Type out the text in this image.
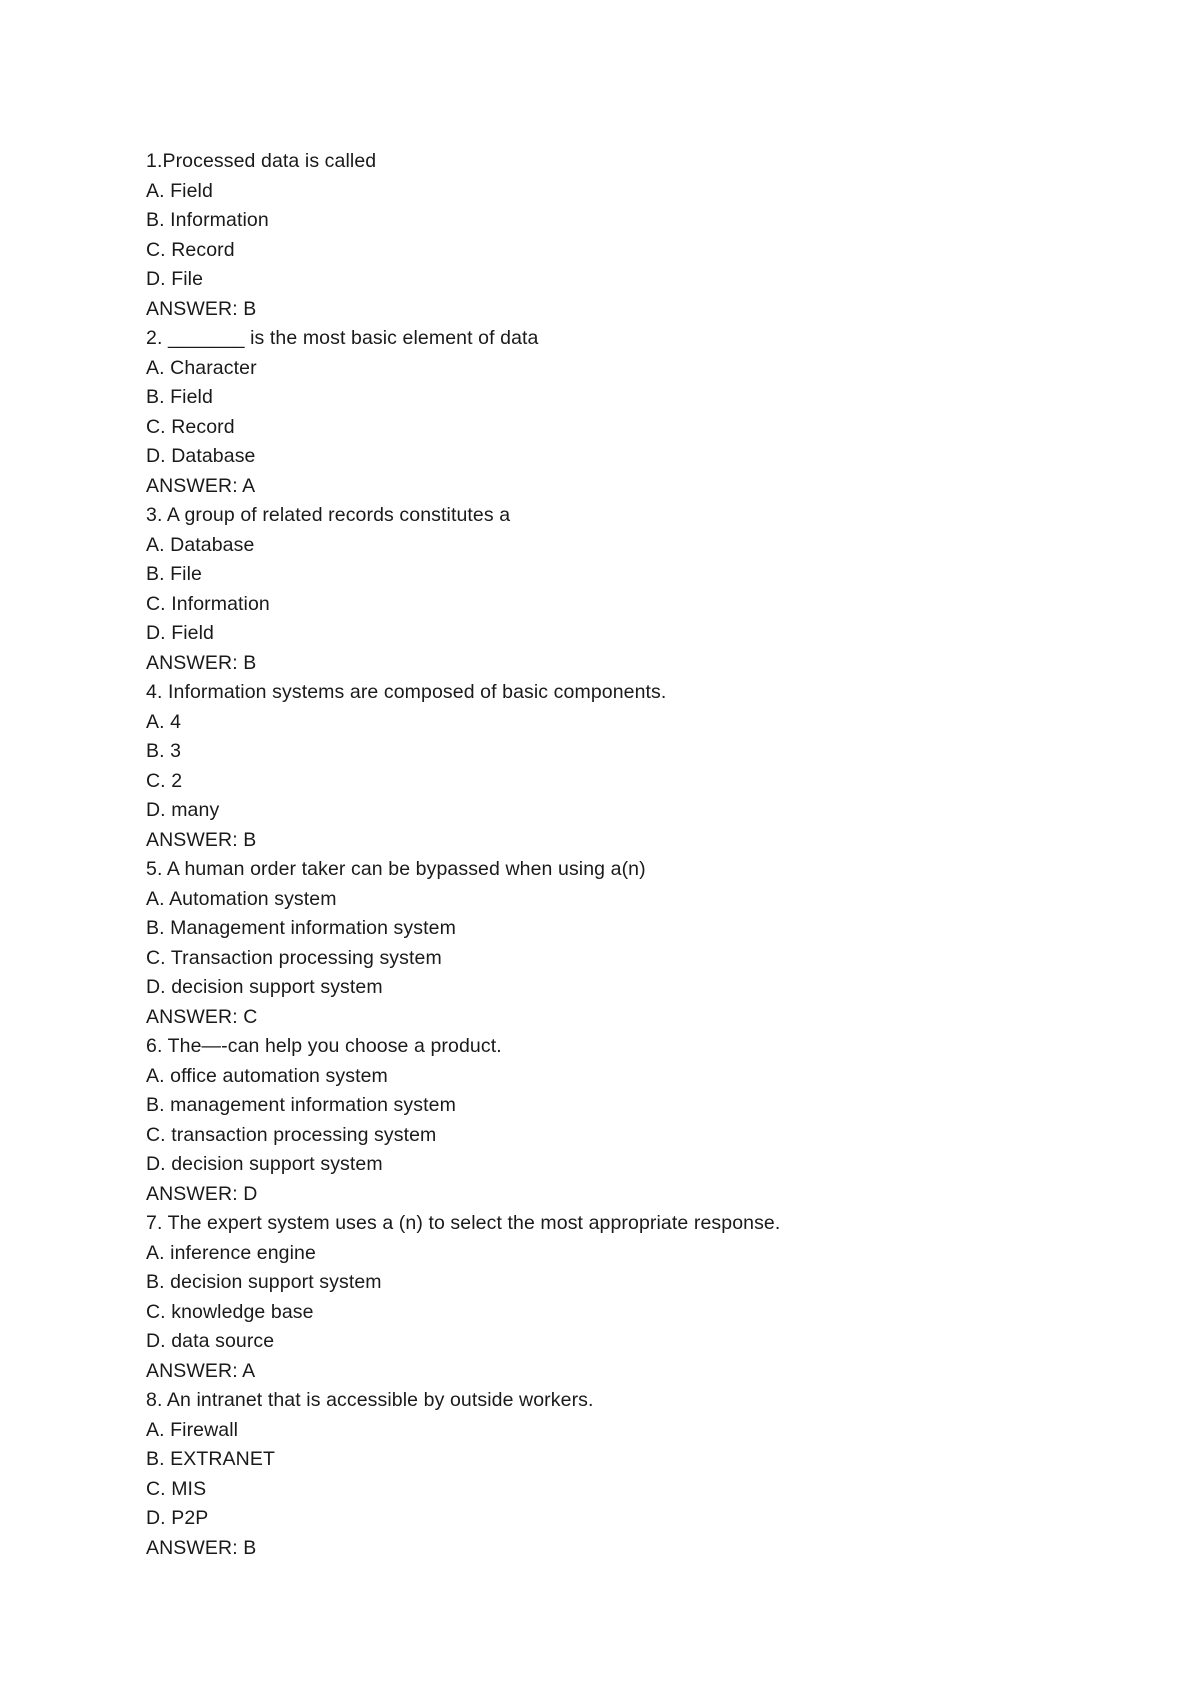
1.Processed data is called
A. Field
B. Information
C. Record
D. File
ANSWER: B
2. _______ is the most basic element of data
A. Character
B. Field
C. Record
D. Database
ANSWER: A
3. A group of related records constitutes a
A. Database
B. File
C. Information
D. Field
ANSWER: B
4. Information systems are composed of basic components.
A. 4
B. 3
C. 2
D. many
ANSWER: B
5. A human order taker can be bypassed when using a(n)
A. Automation system
B. Management information system
C. Transaction processing system
D. decision support system
ANSWER: C
6. The—-can help you choose a product.
A. office automation system
B. management information system
C. transaction processing system
D. decision support system
ANSWER: D
7. The expert system uses a (n) to select the most appropriate response.
A. inference engine
B. decision support system
C. knowledge base
D. data source
ANSWER: A
8. An intranet that is accessible by outside workers.
A. Firewall
B. EXTRANET
C. MIS
D. P2P
ANSWER: B
